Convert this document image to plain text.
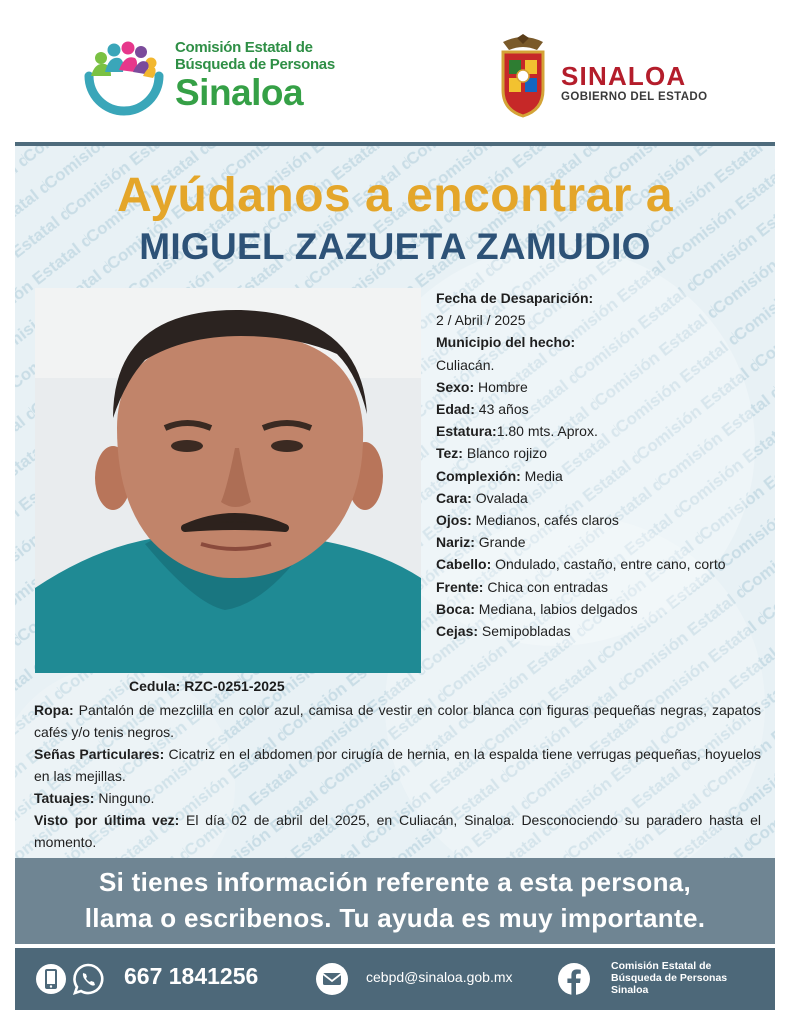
Comisión Estatal de
Búsqueda de Personas
Sinaloa	SINALOA
GOBIERNO DEL ESTADO
Ayúdanos a encontrar a
MIGUEL ZAZUETA ZAMUDIO
Cedula: RZC-0251-2025
Fecha de Desaparición:
2 / Abril / 2025
Municipio del hecho:
Culiacán.
Sexo: Hombre
Edad: 43 años
Estatura:1.80 mts. Aprox.
Tez: Blanco rojizo
Complexión: Media
Cara: Ovalada
Ojos: Medianos, cafés claros
Nariz: Grande
Cabello: Ondulado, castaño, entre cano, corto
Frente: Chica con entradas
Boca: Mediana, labios delgados
Cejas: Semipobladas

Ropa: Pantalón de mezclilla en color azul, camisa de vestir en color blanca con figuras pequeñas negras, zapatos cafés y/o tenis negros.

Señas Particulares: Cicatriz en el abdomen por cirugía de hernia, en la espalda tiene verrugas pequeñas, hoyuelos en las mejillas.

Tatuajes: Ninguno.

Visto por última vez: El día 02 de abril del 2025, en Culiacán, Sinaloa. Desconociendo su paradero hasta el momento.

Si tienes información referente a esta persona,
llama o escribenos. Tu ayuda es muy importante.
667 1841256	cebpd@sinaloa.gob.mx
Comisión Estatal de
Búsqueda de Personas
Sinaloa
